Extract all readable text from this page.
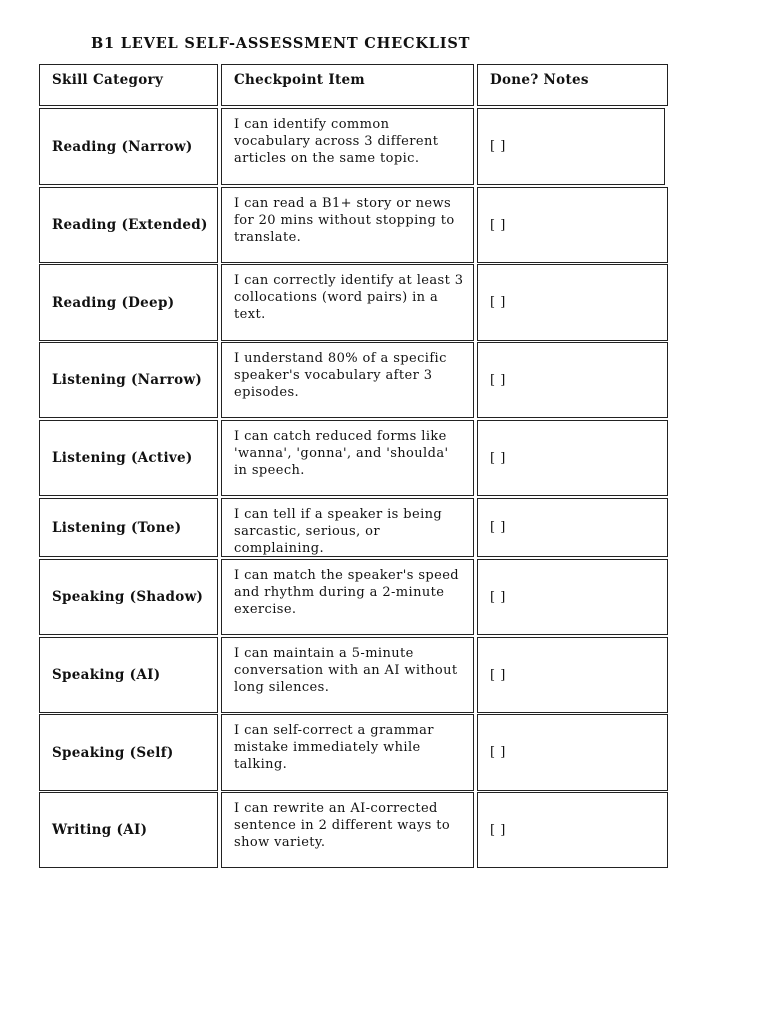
B1 LEVEL SELF-ASSESSMENT CHECKLIST
Skill Category	Checkpoint Item	Done? Notes
Reading (Narrow)
I can identify common vocabulary across 3 different articles on the same topic.
[ ]
Reading (Extended)
I can read a B1+ story or news for 20 mins without stopping to translate.
[ ]
Reading (Deep)
I can correctly identify at least 3 collocations (word pairs) in a text.
[ ]
Listening (Narrow)
I understand 80% of a specific speaker's vocabulary after 3 episodes.
[ ]
Listening (Active)
I can catch reduced forms like 'wanna', 'gonna', and 'shoulda' in speech.
[ ]
Listening (Tone)
I can tell if a speaker is being sarcastic, serious, or complaining.
[ ]
Speaking (Shadow)
I can match the speaker's speed and rhythm during a 2-minute exercise.
[ ]
Speaking (AI)
I can maintain a 5-minute conversation with an AI without long silences.
[ ]
Speaking (Self)
I can self-correct a grammar mistake immediately while talking.
[ ]
Writing (AI)
I can rewrite an AI-corrected sentence in 2 different ways to show variety.
[ ]
